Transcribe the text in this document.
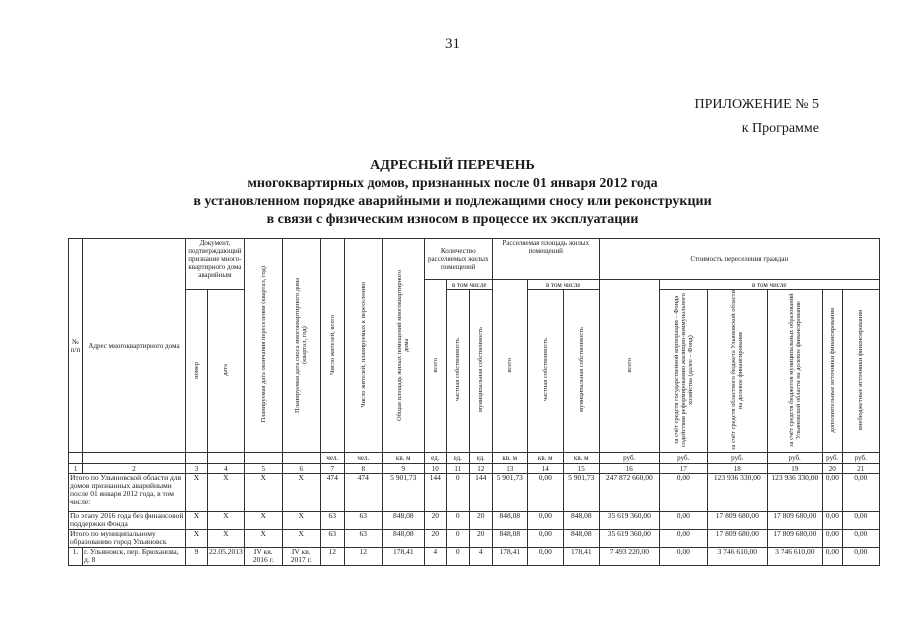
31
ПРИЛОЖЕНИЕ № 5
к Программе
АДРЕСНЫЙ ПЕРЕЧЕНЬ
многоквартирных домов, признанных после 01 января 2012 года
в установленном порядке аварийными и подлежащими сносу или реконструкции
в связи с физическим износом в процессе их эксплуатации
№ п/п	Адрес многоквартирного дома	Документ, подтверждающий признание много-квартирного дома аварийным		Планируемая дата окончания переселения (квартал, год)	Планируемая дата сноса многоквартирного дома (квартал, год)	Число жителей, всего	Число жителей, планируемых к переселению	Общая площадь жилых помещений многоквартирного дома	Количество расселяемых жилых помещений			Расселяемая площадь жилых помещений			Стоимость переселения граждан					
									всего	в том числе		всего	в том числе		всего	в том числе				
		номер	дата							частная собственность	муниципальная собственность		частная собственность	муниципальная собственность		за счёт средств государственной корпорации – Фонда содействия реформированию жилищно-коммунального хозяйства (далее – Фонд)	за счёт средств областного бюджета Ульяновской области на долевое финансирование	за счёт средств бюджетов муниципальных образований Ульяновской области на долевое финансирование	дополнительные источники финансирования	внебюджетные источники финансирования
						чел.	чел.	кв. м	ед.	ед.	ед.	кв. м	кв. м	кв. м	руб.	руб.	руб.	руб.	руб.	руб.
1	2	3	4	5	6	7	8	9	10	11	12	13	14	15	16	17	18	19	20	21
Итого по Ульяновской области для домов признанных аварийными после 01 января 2012 года, в том числе:		X	X	X	X	474	474	5 901,73	144	0	144	5 901,73	0,00	5 901,73	247 872 660,00	0,00	123 936 330,00	123 936 330,00	0,00	0,00
По этапу 2016 года без финансовой поддержки Фонда		X	X	X	X	63	63	848,08	20	0	20	848,08	0,00	848,08	35 619 360,00	0,00	17 809 680,00	17 809 680,00	0,00	0,00
Итого по муниципальному образованию город Ульяновск		X	X	X	X	63	63	848,08	20	0	20	848,08	0,00	848,08	35 619 360,00	0,00	17 809 680,00	17 809 680,00	0,00	0,00
1.	г. Ульяновск, пер. Брюханова, д. 8	9	22.05.2013	IV кв. 2016 г.	IV кв. 2017 г.	12	12	178,41	4	0	4	178,41	0,00	178,41	7 493 220,00	0,00	3 746 610,00	3 746 610,00	0,00	0,00
